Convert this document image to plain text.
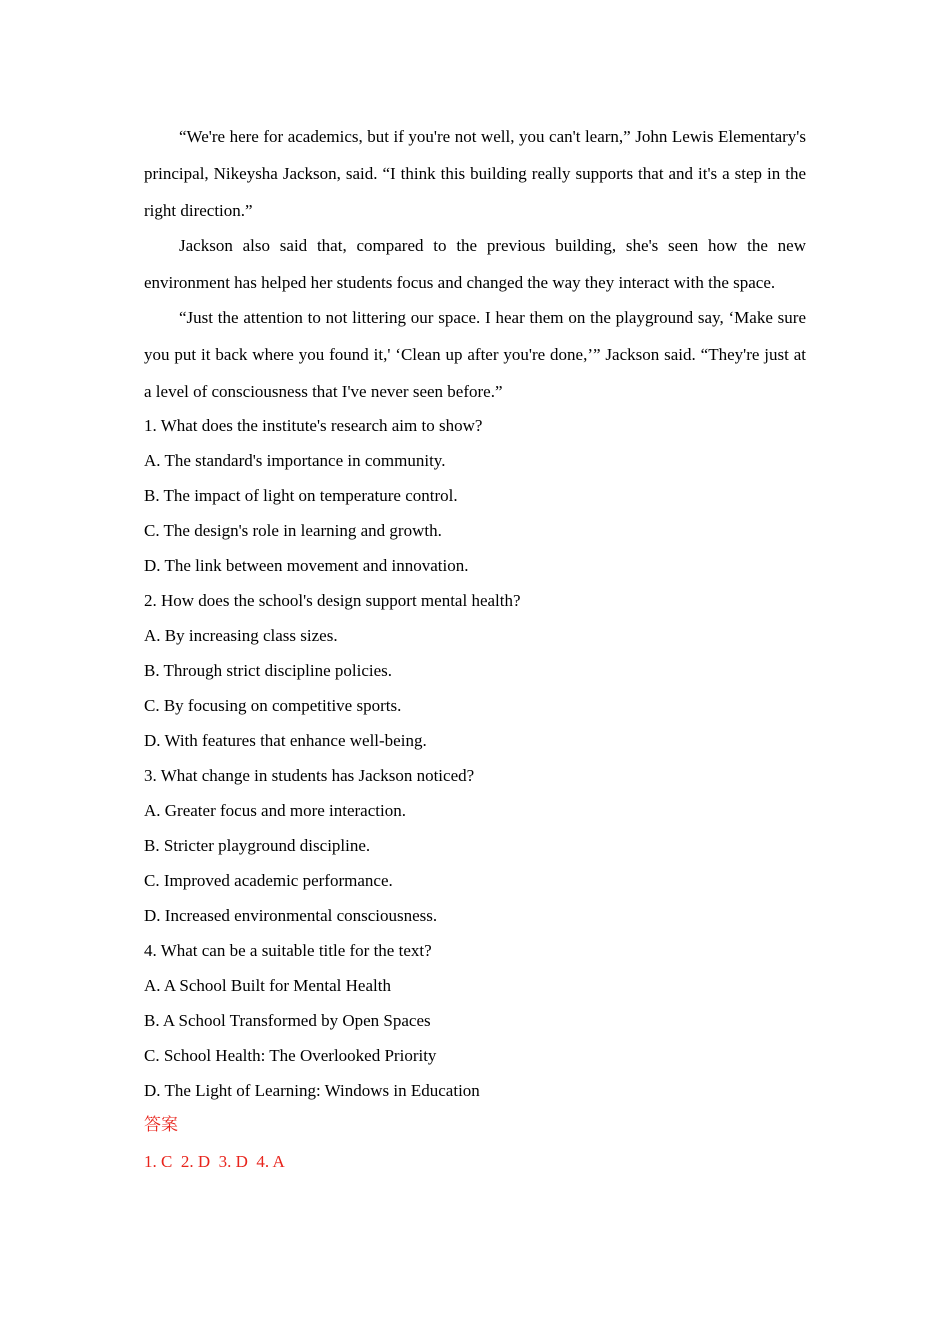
“We're here for academics, but if you're not well, you can't learn,” John Lewis Elementary's principal, Nikeysha Jackson, said. “I think this building really supports that and it's a step in the right direction.”

Jackson also said that, compared to the previous building, she's seen how the new environment has helped her students focus and changed the way they interact with the space.

“Just the attention to not littering our space. I hear them on the playground say, ‘Make sure you put it back where you found it,' ‘Clean up after you're done,’” Jackson said. “They're just at a level of consciousness that I've never seen before.”

1. What does the institute's research aim to show?

A. The standard's importance in community.

B. The impact of light on temperature control.

C. The design's role in learning and growth.

D. The link between movement and innovation.

2. How does the school's design support mental health?

A. By increasing class sizes.

B. Through strict discipline policies.

C. By focusing on competitive sports.

D. With features that enhance well-being.

3. What change in students has Jackson noticed?

A. Greater focus and more interaction.

B. Stricter playground discipline.

C. Improved academic performance.

D. Increased environmental consciousness.

4. What can be a suitable title for the text?

A. A School Built for Mental Health

B. A School Transformed by Open Spaces

C. School Health: The Overlooked Priority

D. The Light of Learning: Windows in Education

答案

1. C  2. D  3. D  4. A
